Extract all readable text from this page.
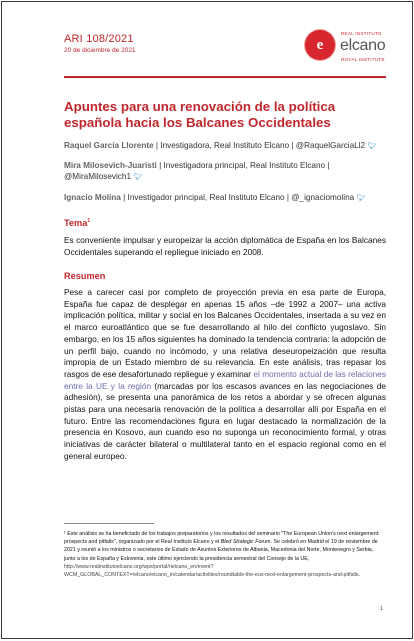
ARI 108/2021
20 de diciembre de 2021	e
REAL INSTITUTO
elcano
ROYAL INSTITUTE
Apuntes para una renovación de la política española hacia los Balcanes Occidentales
Raquel García Llorente | Investigadora, Real Instituto Elcano | @RaquelGarciaLl2 🐦︎
Mira Milosevich-Juaristi | Investigadora principal, Real Instituto Elcano | @MiraMilosevich1 🐦︎
Ignacio Molina | Investigador principal, Real Instituto Elcano | @_ignaciomolina 🐦︎
Tema$^1$
Es conveniente impulsar y europeizar la acción diplomática de España en los Balcanes Occidentales superando el repliegue iniciado en 2008.
Resumen
Pese a carecer casi por completo de proyección previa en esa parte de Europa, España fue capaz de desplegar en apenas 15 años –de 1992 a 2007– una activa implicación política, militar y social en los Balcanes Occidentales, insertada a su vez en el marco euroatlántico que se fue desarrollando al hilo del conflicto yugoslavo. Sin embargo, en los 15 años siguientes ha dominado la tendencia contraria: la adopción de un perfil bajo, cuando no incómodo, y una relativa deseuropeización que resulta impropia de un Estado miembro de su relevancia. En este análisis, tras repasar los rasgos de ese desafortunado repliegue y examinar el momento actual de las relaciones entre la UE y la región (marcadas por los escasos avances en las negociaciones de adhesión), se presenta una panorámica de los retos a abordar y se ofrecen algunas pistas para una necesaria renovación de la política a desarrollar allí por España en el futuro. Entre las recomendaciones figura en lugar destacado la normalización de la presencia en Kosovo, aun cuando eso no suponga un reconocimiento formal, y otras iniciativas de carácter bilateral o multilateral tanto en el espacio regional como en el general europeo.
¹ Este análisis se ha beneficiado de los trabajos preparatorios y los resultados del seminario "The European Union's next enlargement: prospects and pitfalls", organizado por el Real Instituto Elcano y el Bled Strategic Forum. Se celebró en Madrid el 19 de noviembre de 2021 y reunió a los ministros o secretarios de Estado de Asuntos Exteriores de Albania, Macedonia del Norte, Montenegro y Serbia, junto a los de España y Eslovenia, este último ejerciendo la presidencia semestral del Consejo de la UE, http://www.realinstitutoelcano.org/wps/portal/rielcano_en/event?WCM_GLOBAL_CONTEXT=/elcano/elcano_in/calendar/activities/roundtable-the-eus-next-enlargement-prospects-and-pitfalls.
1
